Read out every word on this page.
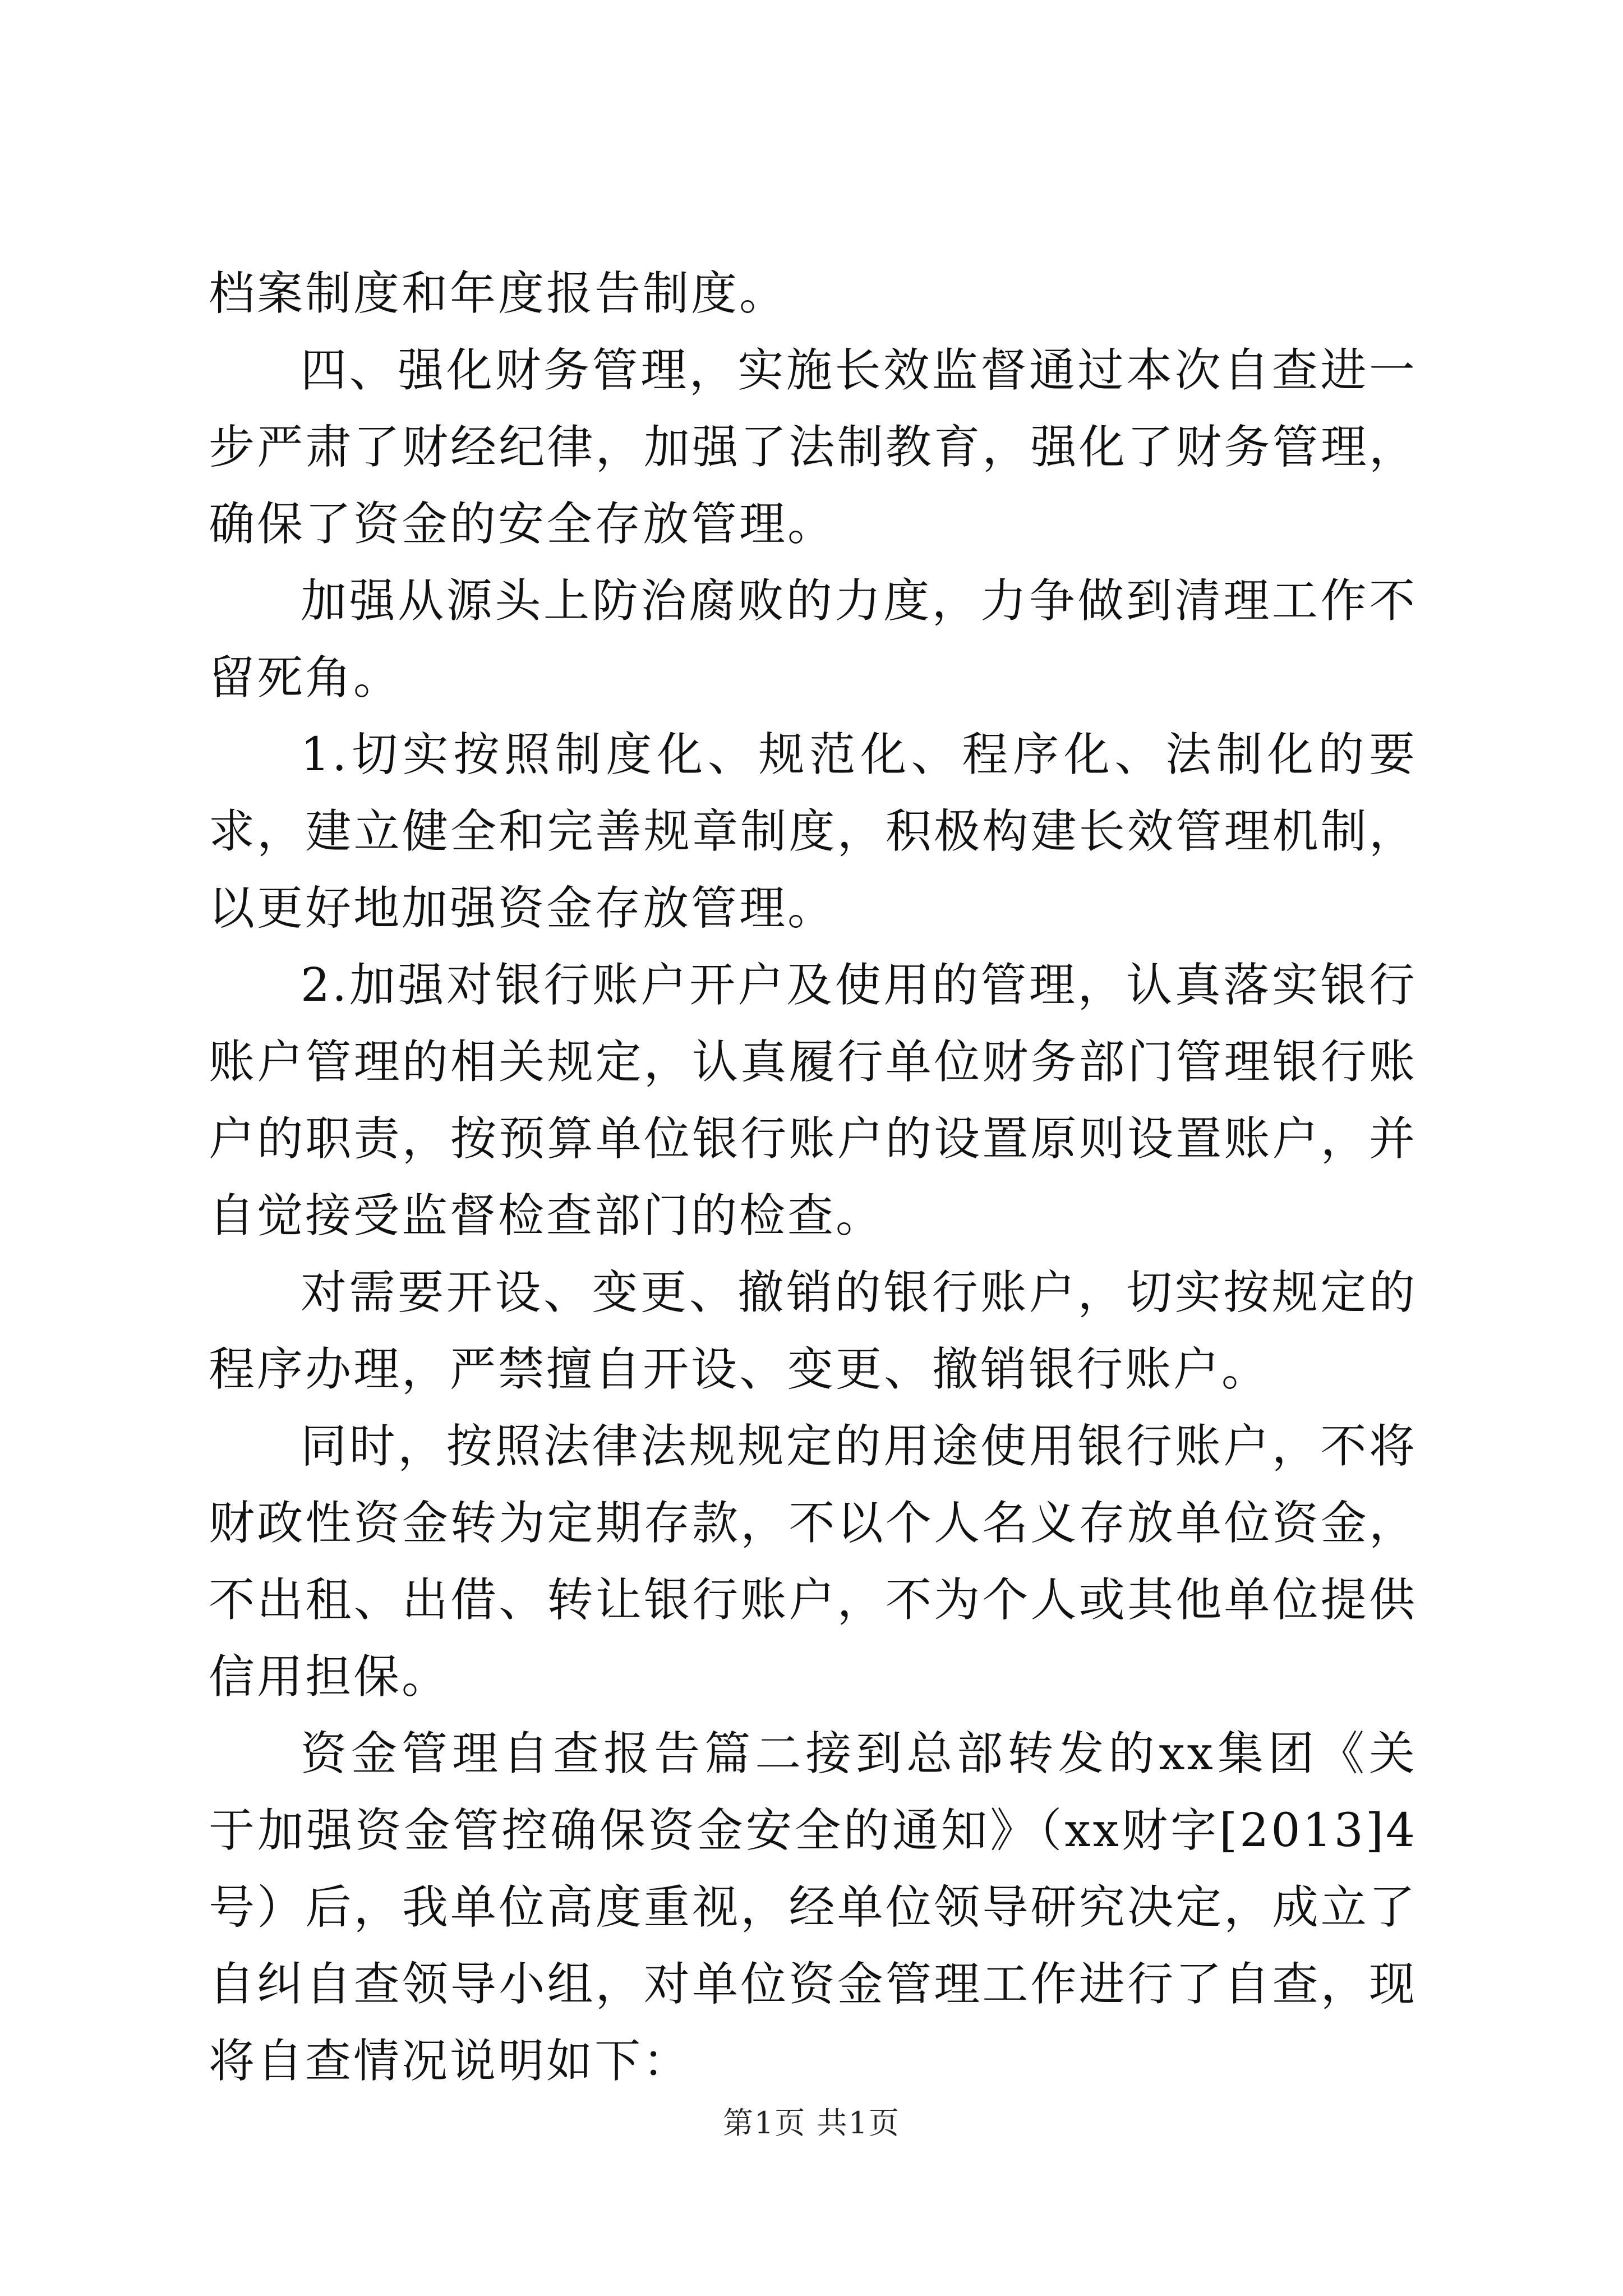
档案制度和年度报告制度。

四、强化财务管理，实施长效监督通过本次自查进一步严肃了财经纪律，加强了法制教育，强化了财务管理，确保了资金的安全存放管理。

加强从源头上防治腐败的力度，力争做到清理工作不留死角。

1.切实按照制度化、规范化、程序化、法制化的要求，建立健全和完善规章制度，积极构建长效管理机制，以更好地加强资金存放管理。

2.加强对银行账户开户及使用的管理，认真落实银行账户管理的相关规定，认真履行单位财务部门管理银行账户的职责，按预算单位银行账户的设置原则设置账户，并自觉接受监督检查部门的检查。

对需要开设、变更、撤销的银行账户，切实按规定的程序办理，严禁擅自开设、变更、撤销银行账户。

同时，按照法律法规规定的用途使用银行账户，不将财政性资金转为定期存款，不以个人名义存放单位资金，不出租、出借、转让银行账户，不为个人或其他单位提供信用担保。

资金管理自查报告篇二接到总部转发的xx集团《关于加强资金管控确保资金安全的通知》（xx财字[2013]4号）后，我单位高度重视，经单位领导研究决定，成立了自纠自查领导小组，对单位资金管理工作进行了自查，现将自查情况说明如下：

第1页 共1页
